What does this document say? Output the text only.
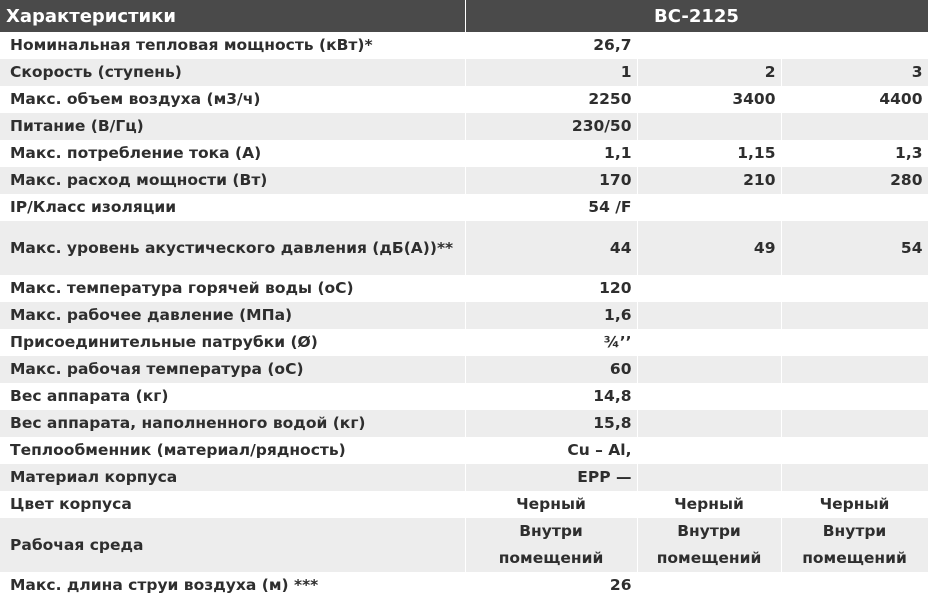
Характеристики	BC-2125		
Номинальная тепловая мощность (кВт)*	26,7		
Скорость (ступень)	1	2	3
Макс. объем воздуха (м3/ч)	2250	3400	4400
Питание (В/Гц)	230/50		
Макс. потребление тока (А)	1,1	1,15	1,3
Макс. расход мощности (Вт)	170	210	280
IP/Класс изоляции	54 /F		
Макс. уровень акустического давления (дБ(А))**	44	49	54
Макс. температура горячей воды (оС)	120		
Макс. рабочее давление (МПа)	1,6		
Присоединительные патрубки (Ø)	¾’’		
Макс. рабочая температура (оС)	60		
Вес аппарата (кг)	14,8		
Вес аппарата, наполненного водой (кг)	15,8		
Теплообменник (материал/рядность)	Cu – Al,		
Материал корпуса	EPP —		
Цвет корпуса	Черный	Черный	Черный
Рабочая среда	Внутри помещений	Внутри помещений	Внутри помещений
Макс. длина струи воздуха (м) ***	26		
